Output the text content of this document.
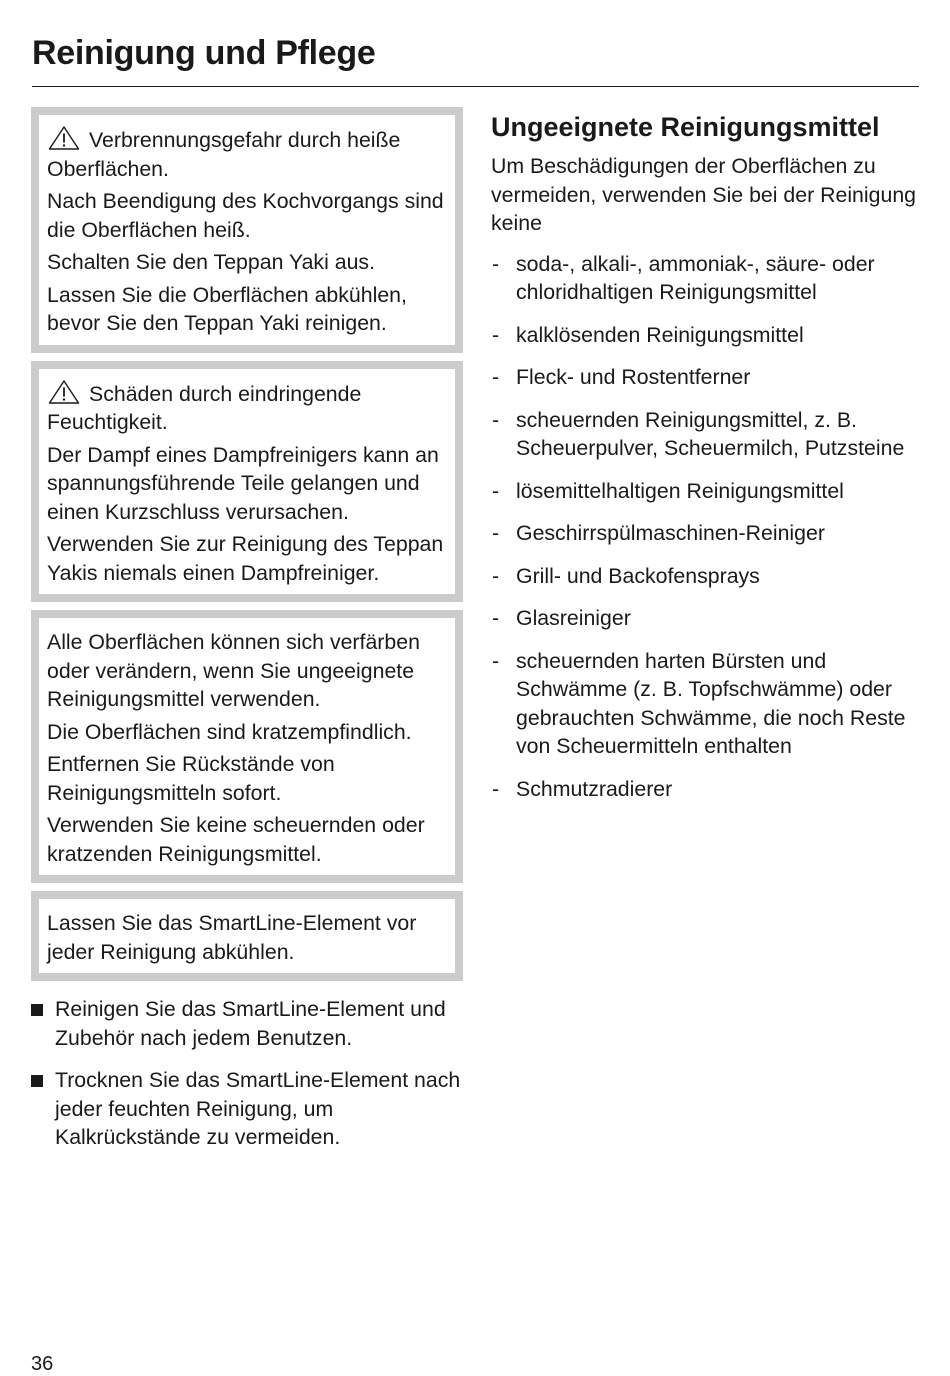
Reinigung und Pflege

Verbrennungsgefahr durch heiße Oberflächen.

Nach Beendigung des Kochvorgangs sind die Oberflächen heiß.

Schalten Sie den Teppan Yaki aus.

Lassen Sie die Oberflächen abkühlen, bevor Sie den Teppan Yaki reinigen.

Schäden durch eindringende Feuchtigkeit.

Der Dampf eines Dampfreinigers kann an spannungsführende Teile gelangen und einen Kurzschluss verursachen.

Verwenden Sie zur Reinigung des Teppan Yakis niemals einen Dampfreiniger.

Alle Oberflächen können sich verfärben oder verändern, wenn Sie ungeeignete Reinigungsmittel verwenden.

Die Oberflächen sind kratzempfindlich.

Entfernen Sie Rückstände von Reinigungsmitteln sofort.

Verwenden Sie keine scheuernden oder kratzenden Reinigungsmittel.

Lassen Sie das SmartLine-Element vor jeder Reinigung abkühlen.

Reinigen Sie das SmartLine-Element und Zubehör nach jedem Benutzen.
Trocknen Sie das SmartLine-Element nach jeder feuchten Reinigung, um Kalkrückstände zu vermeiden.
Ungeeignete Reinigungsmittel

Um Beschädigungen der Oberflächen zu vermeiden, verwenden Sie bei der Reinigung keine

- soda-, alkali-, ammoniak-, säure- oder chloridhaltigen Reinigungsmittel
- kalklösenden Reinigungsmittel
- Fleck- und Rostentferner
- scheuernden Reinigungsmittel, z. B. Scheuerpulver, Scheuermilch, Putzsteine
- lösemittelhaltigen Reinigungsmittel
- Geschirrspülmaschinen-Reiniger
- Grill- und Backofensprays
- Glasreiniger
- scheuernden harten Bürsten und Schwämme (z. B. Topfschwämme) oder gebrauchten Schwämme, die noch Reste von Scheuermitteln enthalten
- Schmutzradierer
36
